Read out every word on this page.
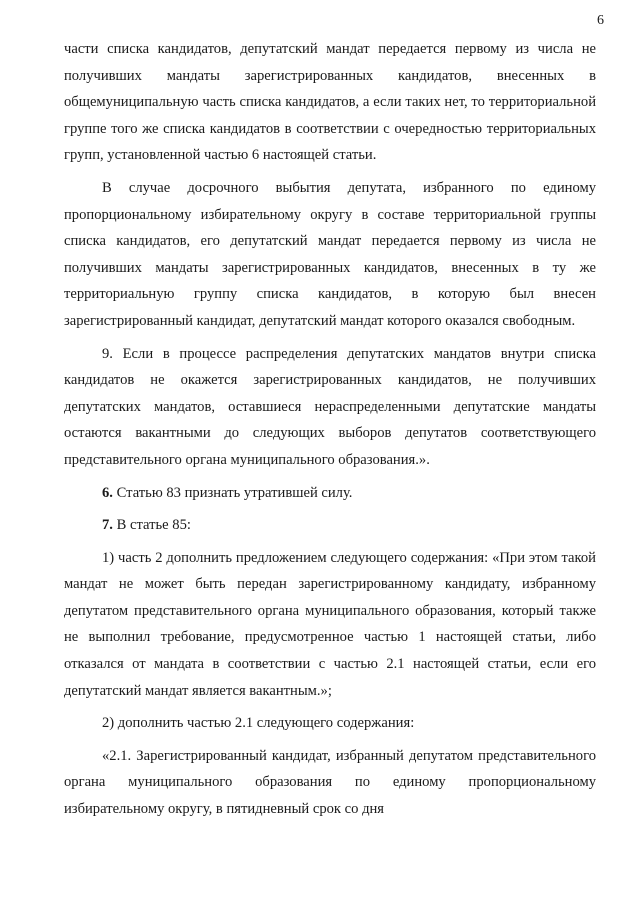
6

части списка кандидатов, депутатский мандат передается первому из числа не получивших мандаты зарегистрированных кандидатов, внесенных в общемуниципальную часть списка кандидатов, а если таких нет, то территориальной группе того же списка кандидатов в соответствии с очередностью территориальных групп, установленной частью 6 настоящей статьи.

В случае досрочного выбытия депутата, избранного по единому пропорциональному избирательному округу в составе территориальной группы списка кандидатов, его депутатский мандат передается первому из числа не получивших мандаты зарегистрированных кандидатов, внесенных в ту же территориальную группу списка кандидатов, в которую был внесен зарегистрированный кандидат, депутатский мандат которого оказался свободным.

9. Если в процессе распределения депутатских мандатов внутри списка кандидатов не окажется зарегистрированных кандидатов, не получивших депутатских мандатов, оставшиеся нераспределенными депутатские мандаты остаются вакантными до следующих выборов депутатов соответствующего представительного органа муниципального образования.».

6. Статью 83 признать утратившей силу.

7. В статье 85:

1) часть 2 дополнить предложением следующего содержания: «При этом такой мандат не может быть передан зарегистрированному кандидату, избранному депутатом представительного органа муниципального образования, который также не выполнил требование, предусмотренное частью 1 настоящей статьи, либо отказался от мандата в соответствии с частью 2.1 настоящей статьи, если его депутатский мандат является вакантным.»;

2) дополнить частью 2.1 следующего содержания:

«2.1. Зарегистрированный кандидат, избранный депутатом представительного органа муниципального образования по единому пропорциональному избирательному округу, в пятидневный срок со дня
